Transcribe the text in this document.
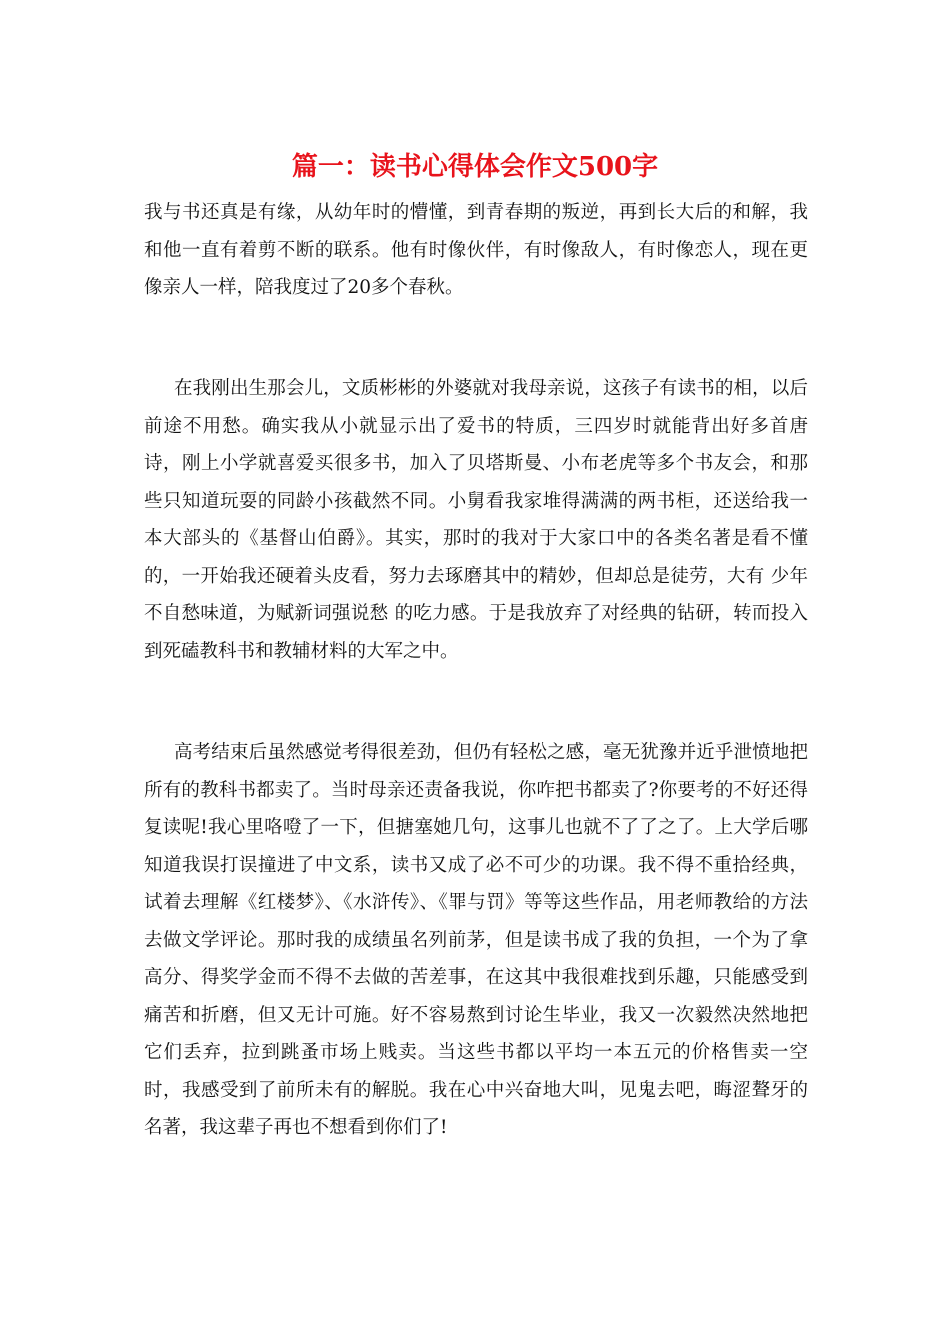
篇一：读书心得体会作文500字

我与书还真是有缘，从幼年时的懵懂，到青春期的叛逆，再到长大后的和解，我和他一直有着剪不断的联系。他有时像伙伴，有时像敌人，有时像恋人，现在更像亲人一样，陪我度过了20多个春秋。

在我刚出生那会儿，文质彬彬的外婆就对我母亲说，这孩子有读书的相，以后前途不用愁。确实我从小就显示出了爱书的特质，三四岁时就能背出好多首唐诗，刚上小学就喜爱买很多书，加入了贝塔斯曼、小布老虎等多个书友会，和那些只知道玩耍的同龄小孩截然不同。小舅看我家堆得满满的两书柜，还送给我一本大部头的《基督山伯爵》。其实，那时的我对于大家口中的各类名著是看不懂的，一开始我还硬着头皮看，努力去琢磨其中的精妙，但却总是徒劳，大有 少年不自愁味道，为赋新词强说愁 的吃力感。于是我放弃了对经典的钻研，转而投入到死磕教科书和教辅材料的大军之中。

高考结束后虽然感觉考得很差劲，但仍有轻松之感，毫无犹豫并近乎泄愤地把所有的教科书都卖了。当时母亲还责备我说，你咋把书都卖了?你要考的不好还得复读呢!我心里咯噔了一下，但搪塞她几句，这事儿也就不了了之了。上大学后哪知道我误打误撞进了中文系，读书又成了必不可少的功课。我不得不重拾经典，试着去理解《红楼梦》、《水浒传》、《罪与罚》等等这些作品，用老师教给的方法去做文学评论。那时我的成绩虽名列前茅，但是读书成了我的负担，一个为了拿高分、得奖学金而不得不去做的苦差事，在这其中我很难找到乐趣，只能感受到痛苦和折磨，但又无计可施。好不容易熬到讨论生毕业，我又一次毅然决然地把它们丢弃，拉到跳蚤市场上贱卖。当这些书都以平均一本五元的价格售卖一空时，我感受到了前所未有的解脱。我在心中兴奋地大叫，见鬼去吧，晦涩聱牙的名著，我这辈子再也不想看到你们了!
